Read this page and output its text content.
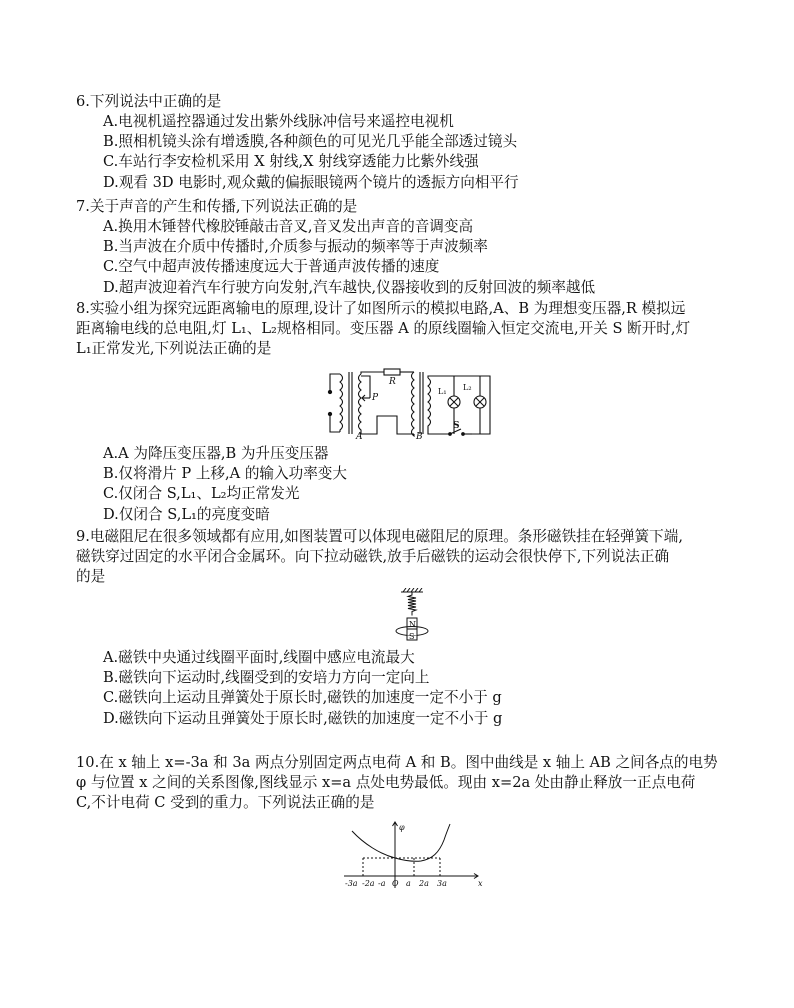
6.下列说法中正确的是
A.电视机遥控器通过发出紫外线脉冲信号来遥控电视机
B.照相机镜头涂有增透膜,各种颜色的可见光几乎能全部透过镜头
C.车站行李安检机采用 X 射线,X 射线穿透能力比紫外线强
D.观看 3D 电影时,观众戴的偏振眼镜两个镜片的透振方向相平行
7.关于声音的产生和传播,下列说法正确的是
A.换用木锤替代橡胶锤敲击音叉,音叉发出声音的音调变高
B.当声波在介质中传播时,介质参与振动的频率等于声波频率
C.空气中超声波传播速度远大于普通声波传播的速度
D.超声波迎着汽车行驶方向发射,汽车越快,仪器接收到的反射回波的频率越低
8.实验小组为探究远距离输电的原理,设计了如图所示的模拟电路,A、B 为理想变压器,R 模拟远
距离输电线的总电阻,灯 L₁、L₂规格相同。变压器 A 的原线圈输入恒定交流电,开关 S 断开时,灯
L₁正常发光,下列说法正确的是
R
P
A	B
L₁ L₂
S
A.A 为降压变压器,B 为升压变压器
B.仅将滑片 P 上移,A 的输入功率变大
C.仅闭合 S,L₁、L₂均正常发光
D.仅闭合 S,L₁的亮度变暗
9.电磁阻尼在很多领域都有应用,如图装置可以体现电磁阻尼的原理。条形磁铁挂在轻弹簧下端,
磁铁穿过固定的水平闭合金属环。向下拉动磁铁,放手后磁铁的运动会很快停下,下列说法正确
的是
N
S
A.磁铁中央通过线圈平面时,线圈中感应电流最大
B.磁铁向下运动时,线圈受到的安培力方向一定向上
C.磁铁向上运动且弹簧处于原长时,磁铁的加速度一定不小于 g
D.磁铁向下运动且弹簧处于原长时,磁铁的加速度一定不小于 g
10.在 x 轴上 x=-3a 和 3a 两点分别固定两点电荷 A 和 B。图中曲线是 x 轴上 AB 之间各点的电势
φ 与位置 x 之间的关系图像,图线显示 x=a 点处电势最低。现由 x=2a 处由静止释放一正点电荷
C,不计电荷 C 受到的重力。下列说法正确的是
φ
x
-3a -2a -a O a 2a 3a
